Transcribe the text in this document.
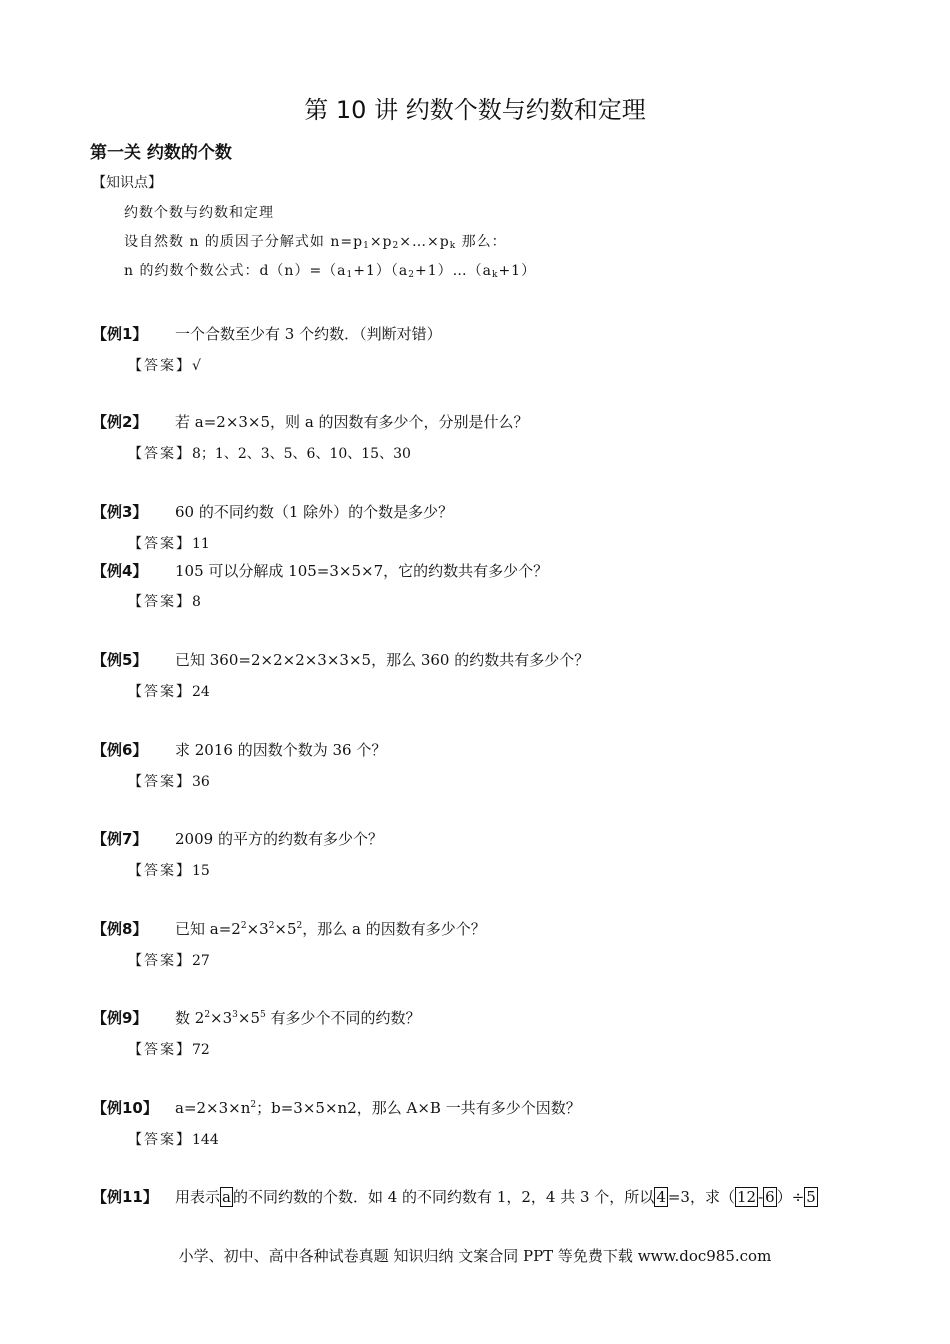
第 10 讲 约数个数与约数和定理
第一关 约数的个数
【知识点】
约数个数与约数和定理
设自然数 n 的质因子分解式如 $n=p_1\times p_2\times\dots\times p_k$ 那么：
n 的约数个数公式：$d(n)=(a_1+1)(a_2+1)\dots(a_k+1)$
【例1】 一个合数至少有 3 个约数．（判断对错）
【答案】√
【例2】 若 a=2×3×5，则 a 的因数有多少个，分别是什么？
【答案】8；1、2、3、5、6、10、15、30
【例3】 60 的不同约数（1 除外）的个数是多少？
【答案】11
【例4】 105 可以分解成 105=3×5×7，它的约数共有多少个？
【答案】8
【例5】 已知 360=2×2×2×3×3×5，那么 360 的约数共有多少个？
【答案】24
【例6】 求 2016 的因数个数为 36 个？
【答案】36
【例7】 2009 的平方的约数有多少个？
【答案】15
【例8】 已知 $a=2^2\times 3^2\times 5^2$，那么 a 的因数有多少个？
【答案】27
【例9】 数 $2^2\times 3^3\times 5^5$ 有多少个不同的约数？
【答案】72
【例10】 $a=2\times 3\times n^2$；b=3×5×n2，那么 A×B 一共有多少个因数？
【答案】144
【例11】 用表示 a 的不同约数的个数．如 4 的不同约数有 1，2，4 共 3 个，所以 4 =3，求（ 12 - 6 ）÷ 5
小学、初中、高中各种试卷真题 知识归纳 文案合同 PPT 等免费下载 www.doc985.com
